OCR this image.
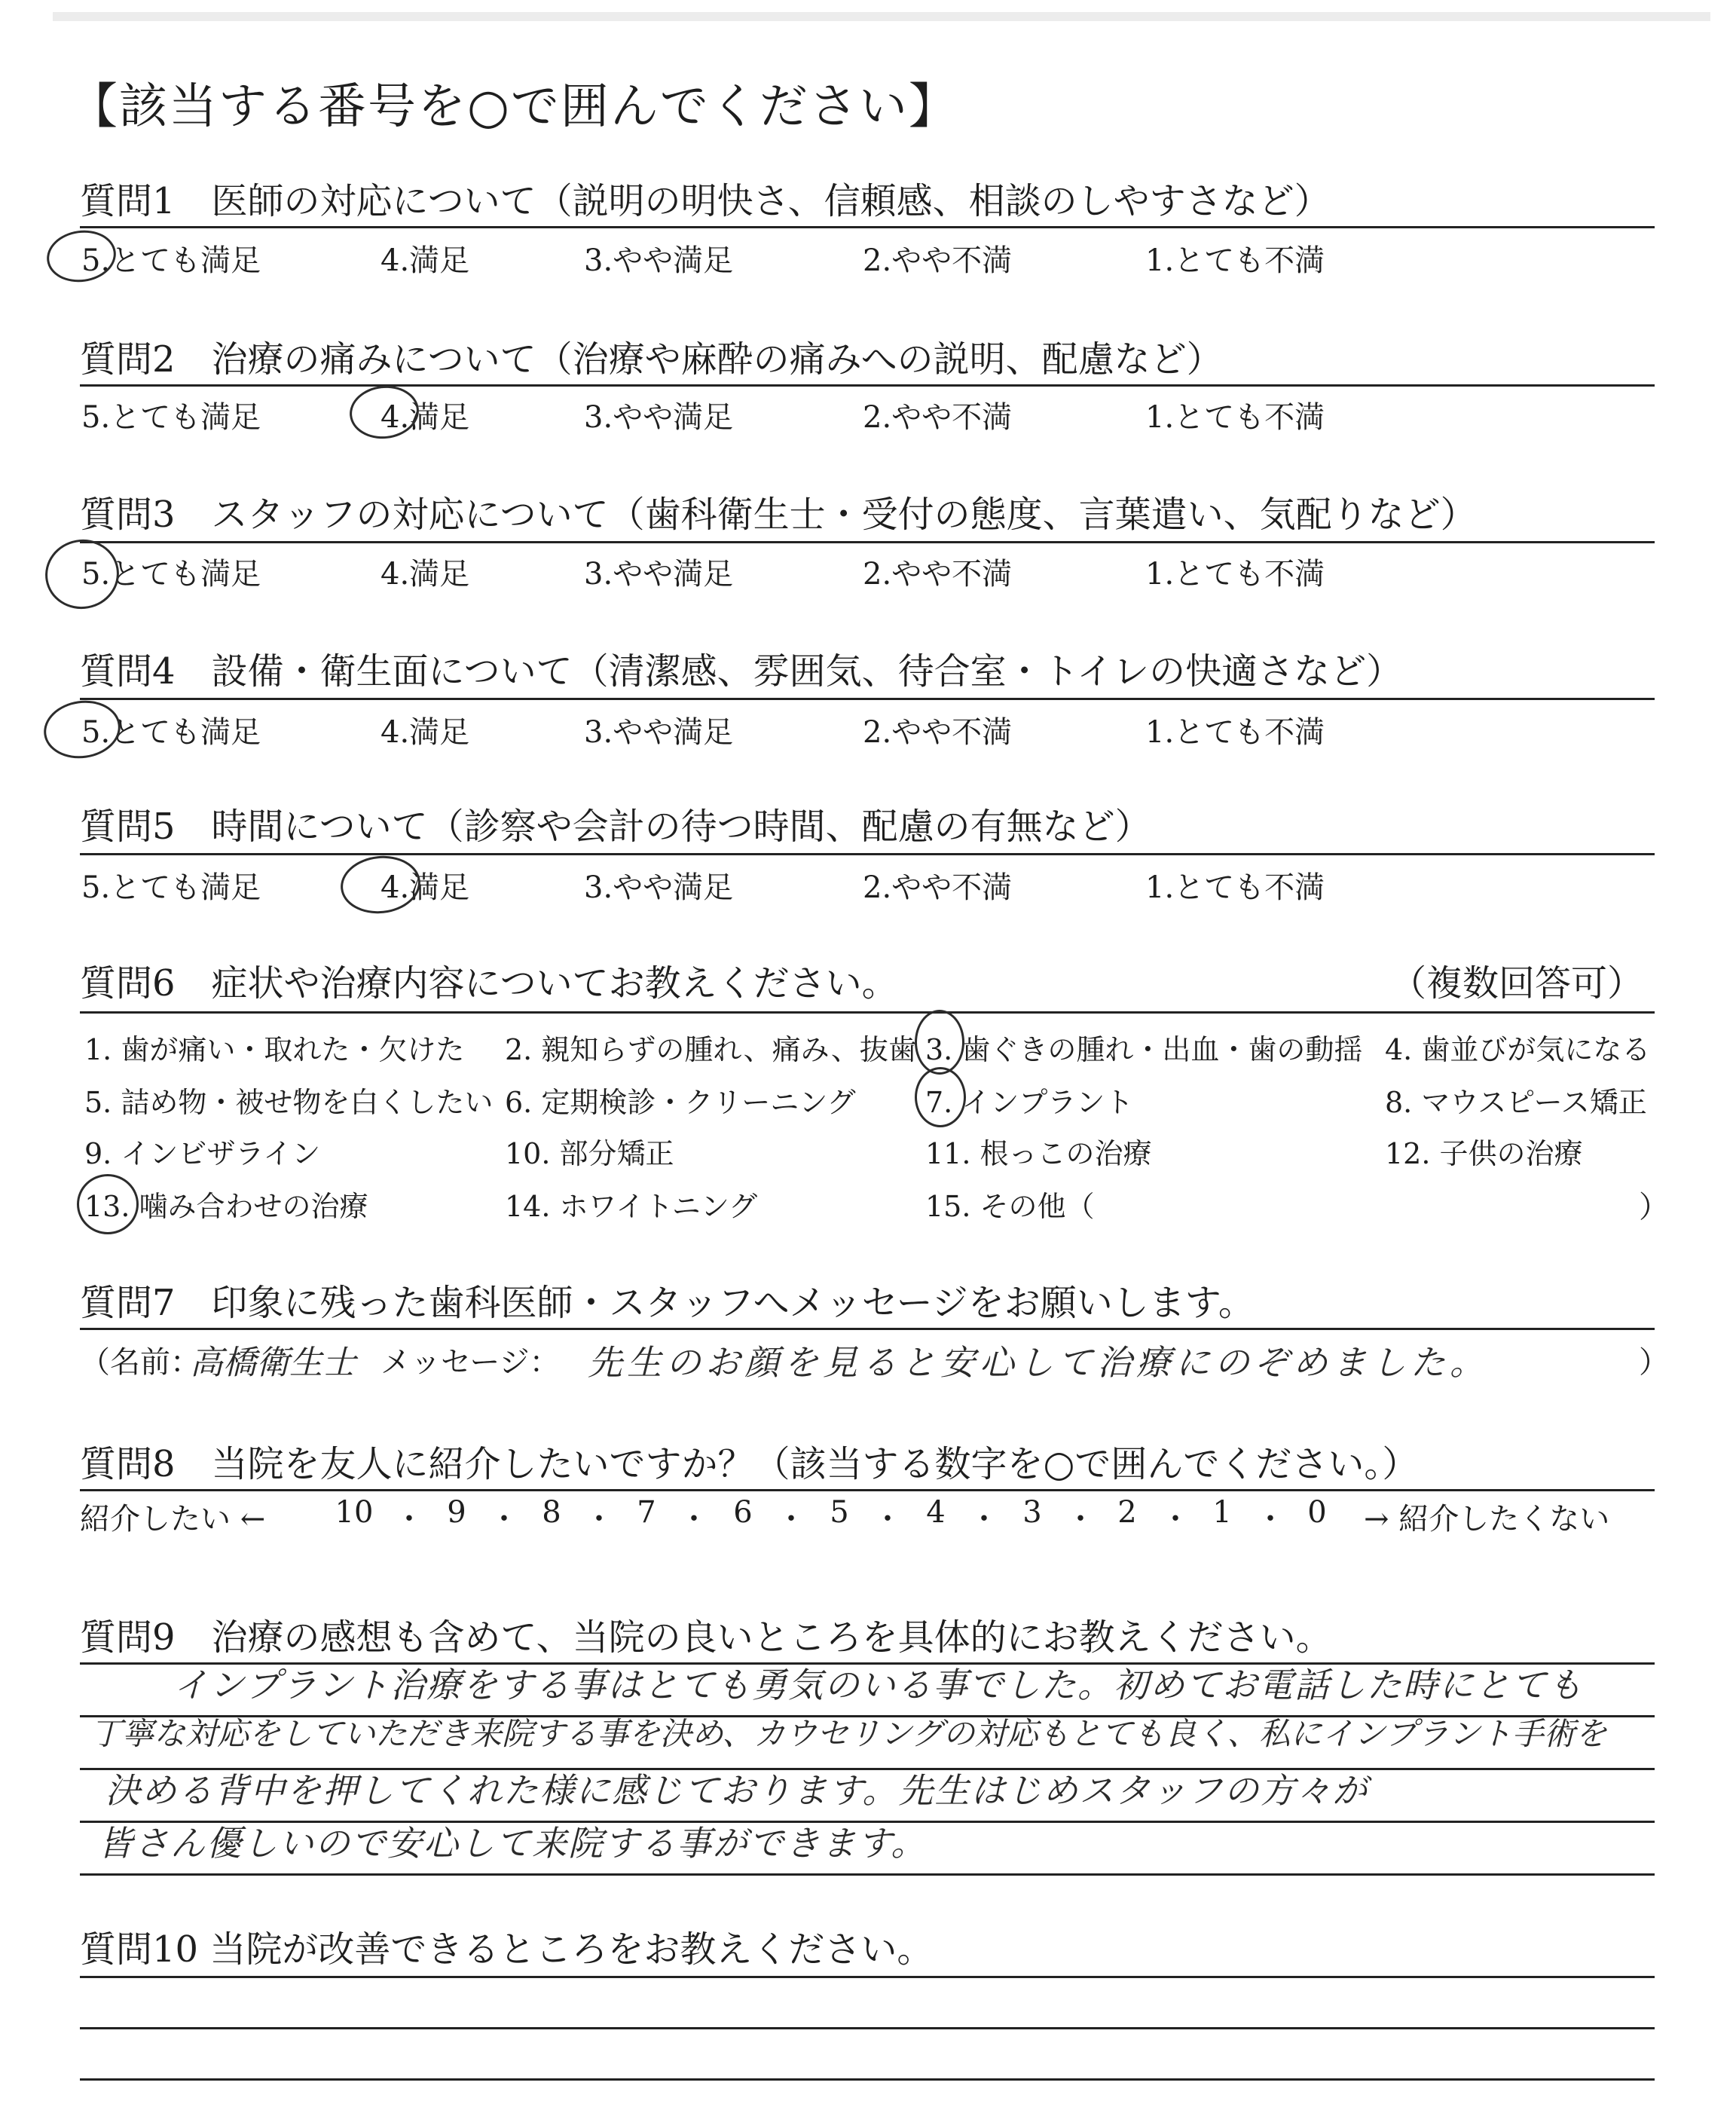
【該当する番号を○で囲んでください】
質問1　医師の対応について（説明の明快さ、信頼感、相談のしやすさなど）
5.とても満足	4.満足	3.やや満足	2.やや不満	1.とても不満
質問2　治療の痛みについて（治療や麻酔の痛みへの説明、配慮など）
5.とても満足	4.満足	3.やや満足	2.やや不満	1.とても不満
質問3　スタッフの対応について（歯科衛生士・受付の態度、言葉遣い、気配りなど）
5.とても満足	4.満足	3.やや満足	2.やや不満	1.とても不満
質問4　設備・衛生面について（清潔感、雰囲気、待合室・トイレの快適さなど）
5.とても満足	4.満足	3.やや満足	2.やや不満	1.とても不満
質問5　時間について（診察や会計の待つ時間、配慮の有無など）
5.とても満足	4.満足	3.やや満足	2.やや不満	1.とても不満
質問6　症状や治療内容についてお教えください。	（複数回答可）
1. 歯が痛い・取れた・欠けた 2. 親知らずの腫れ、痛み、抜歯 3. 歯ぐきの腫れ・出血・歯の動揺 4. 歯並びが気になる
5. 詰め物・被せ物を白くしたい 6. 定期検診・クリーニング 7. インプラント	8. マウスピース矯正
9. インビザライン	10. 部分矯正	11. 根っこの治療	12. 子供の治療
13. 噛み合わせの治療	14. ホワイトニング	15. その他（	）
質問7　印象に残った歯科医師・スタッフへメッセージをお願いします。
（名前：
高橋衛生士 メッセージ： 先生のお顔を見ると安心して治療にのぞめました。	）
質問8　当院を友人に紹介したいですか？（該当する数字を○で囲んでください。）
紹介したい ← 10 ・ 9 ・ 8 ・ 7 ・ 6 ・ 5 ・ 4 ・ 3 ・ 2 ・ 1 ・ 0	→ 紹介したくない
質問9　治療の感想も含めて、当院の良いところを具体的にお教えください。
インプラント治療をする事はとても勇気のいる事でした。初めてお電話した時にとても
丁寧な対応をしていただき来院する事を決め、カウセリングの対応もとても良く、私にインプラント手術を
決める背中を押してくれた様に感じております。先生はじめスタッフの方々が
皆さん優しいので安心して来院する事ができます。
質問10 当院が改善できるところをお教えください。
